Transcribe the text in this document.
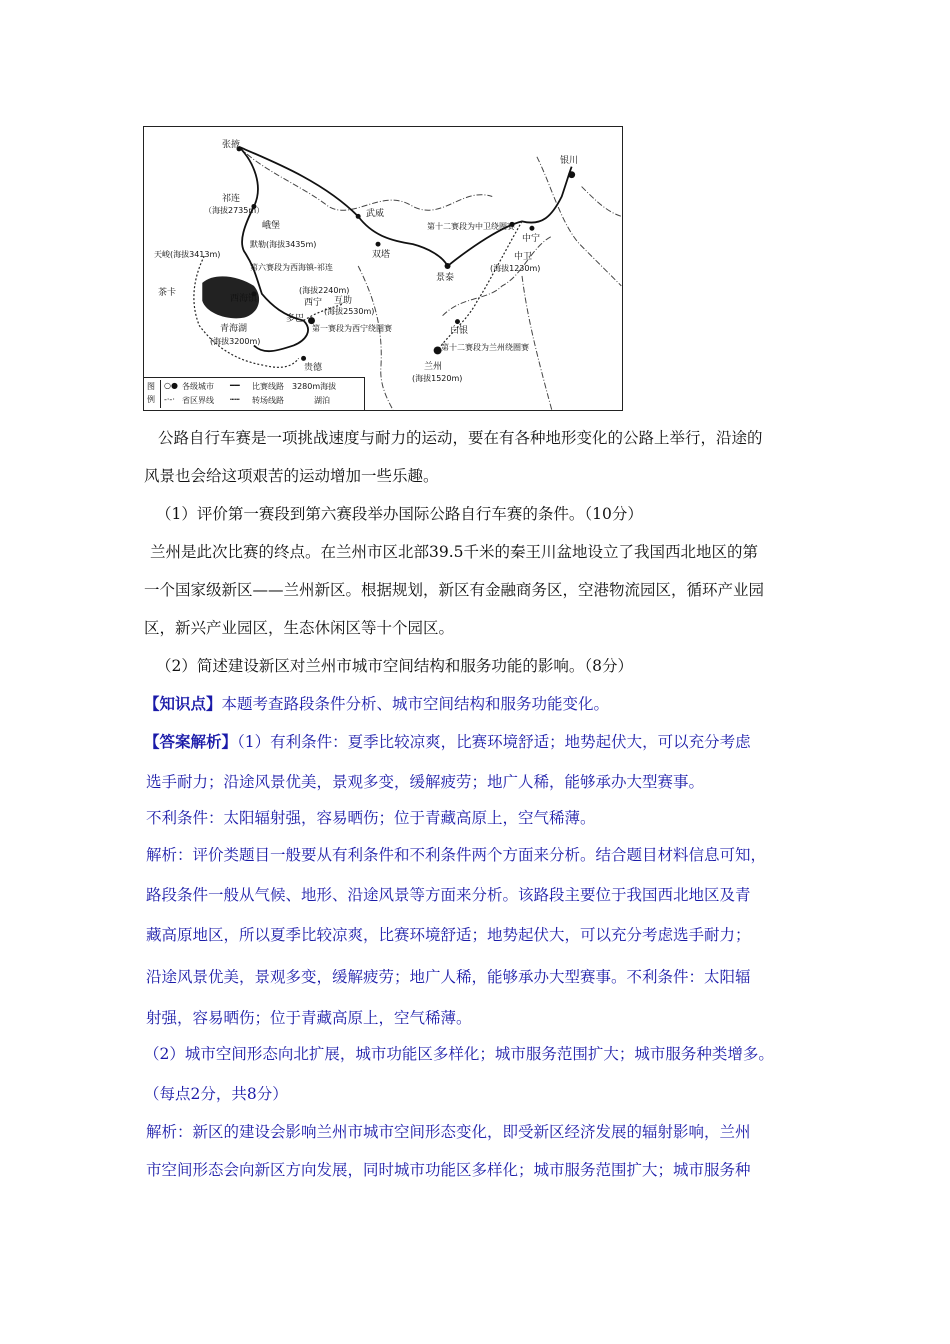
张掖
祁连
（海拔2735m）
峨堡
武威
银川
默勒(海拔3435m)
天峻(海拔3413m)
第六赛段为西海镇-祁连
茶卡
西海镇
(海拔2240m)
西宁 互助
(海拔2530m)
多巴
第一赛段为西宁绕圈赛
青海湖
(海拔3200m)
贵德
双塔
景泰
第十二赛段为中卫绕圈赛
中宁
中卫
(海拔1230m)
白银
第十二赛段为兰州绕圈赛
兰州
(海拔1520m)
图例
○● 各级城市 ━━ 比赛线路 3280m海拔
-·-· 省区界线 ┅┅ 转场线路	湖泊
公路自行车赛是一项挑战速度与耐力的运动，要在有各种地形变化的公路上举行，沿途的
风景也会给这项艰苦的运动增加一些乐趣。
（1）评价第一赛段到第六赛段举办国际公路自行车赛的条件。（10分）
兰州是此次比赛的终点。在兰州市区北部39.5千米的秦王川盆地设立了我国西北地区的第
一个国家级新区——兰州新区。根据规划，新区有金融商务区，空港物流园区，循环产业园
区，新兴产业园区，生态休闲区等十个园区。
（2）简述建设新区对兰州市城市空间结构和服务功能的影响。（8分）
【知识点】本题考查路段条件分析、城市空间结构和服务功能变化。
【答案解析】（1）有利条件：夏季比较凉爽，比赛环境舒适；地势起伏大，可以充分考虑
选手耐力；沿途风景优美，景观多变，缓解疲劳；地广人稀，能够承办大型赛事。
不利条件：太阳辐射强，容易晒伤；位于青藏高原上，空气稀薄。
解析：评价类题目一般要从有利条件和不利条件两个方面来分析。结合题目材料信息可知，
路段条件一般从气候、地形、沿途风景等方面来分析。该路段主要位于我国西北地区及青
藏高原地区，所以夏季比较凉爽，比赛环境舒适；地势起伏大，可以充分考虑选手耐力；
沿途风景优美，景观多变，缓解疲劳；地广人稀，能够承办大型赛事。不利条件：太阳辐
射强，容易晒伤；位于青藏高原上，空气稀薄。
（2）城市空间形态向北扩展，城市功能区多样化；城市服务范围扩大；城市服务种类增多。
（每点2分，共8分）
解析：新区的建设会影响兰州市城市空间形态变化，即受新区经济发展的辐射影响，兰州
市空间形态会向新区方向发展，同时城市功能区多样化；城市服务范围扩大；城市服务种
